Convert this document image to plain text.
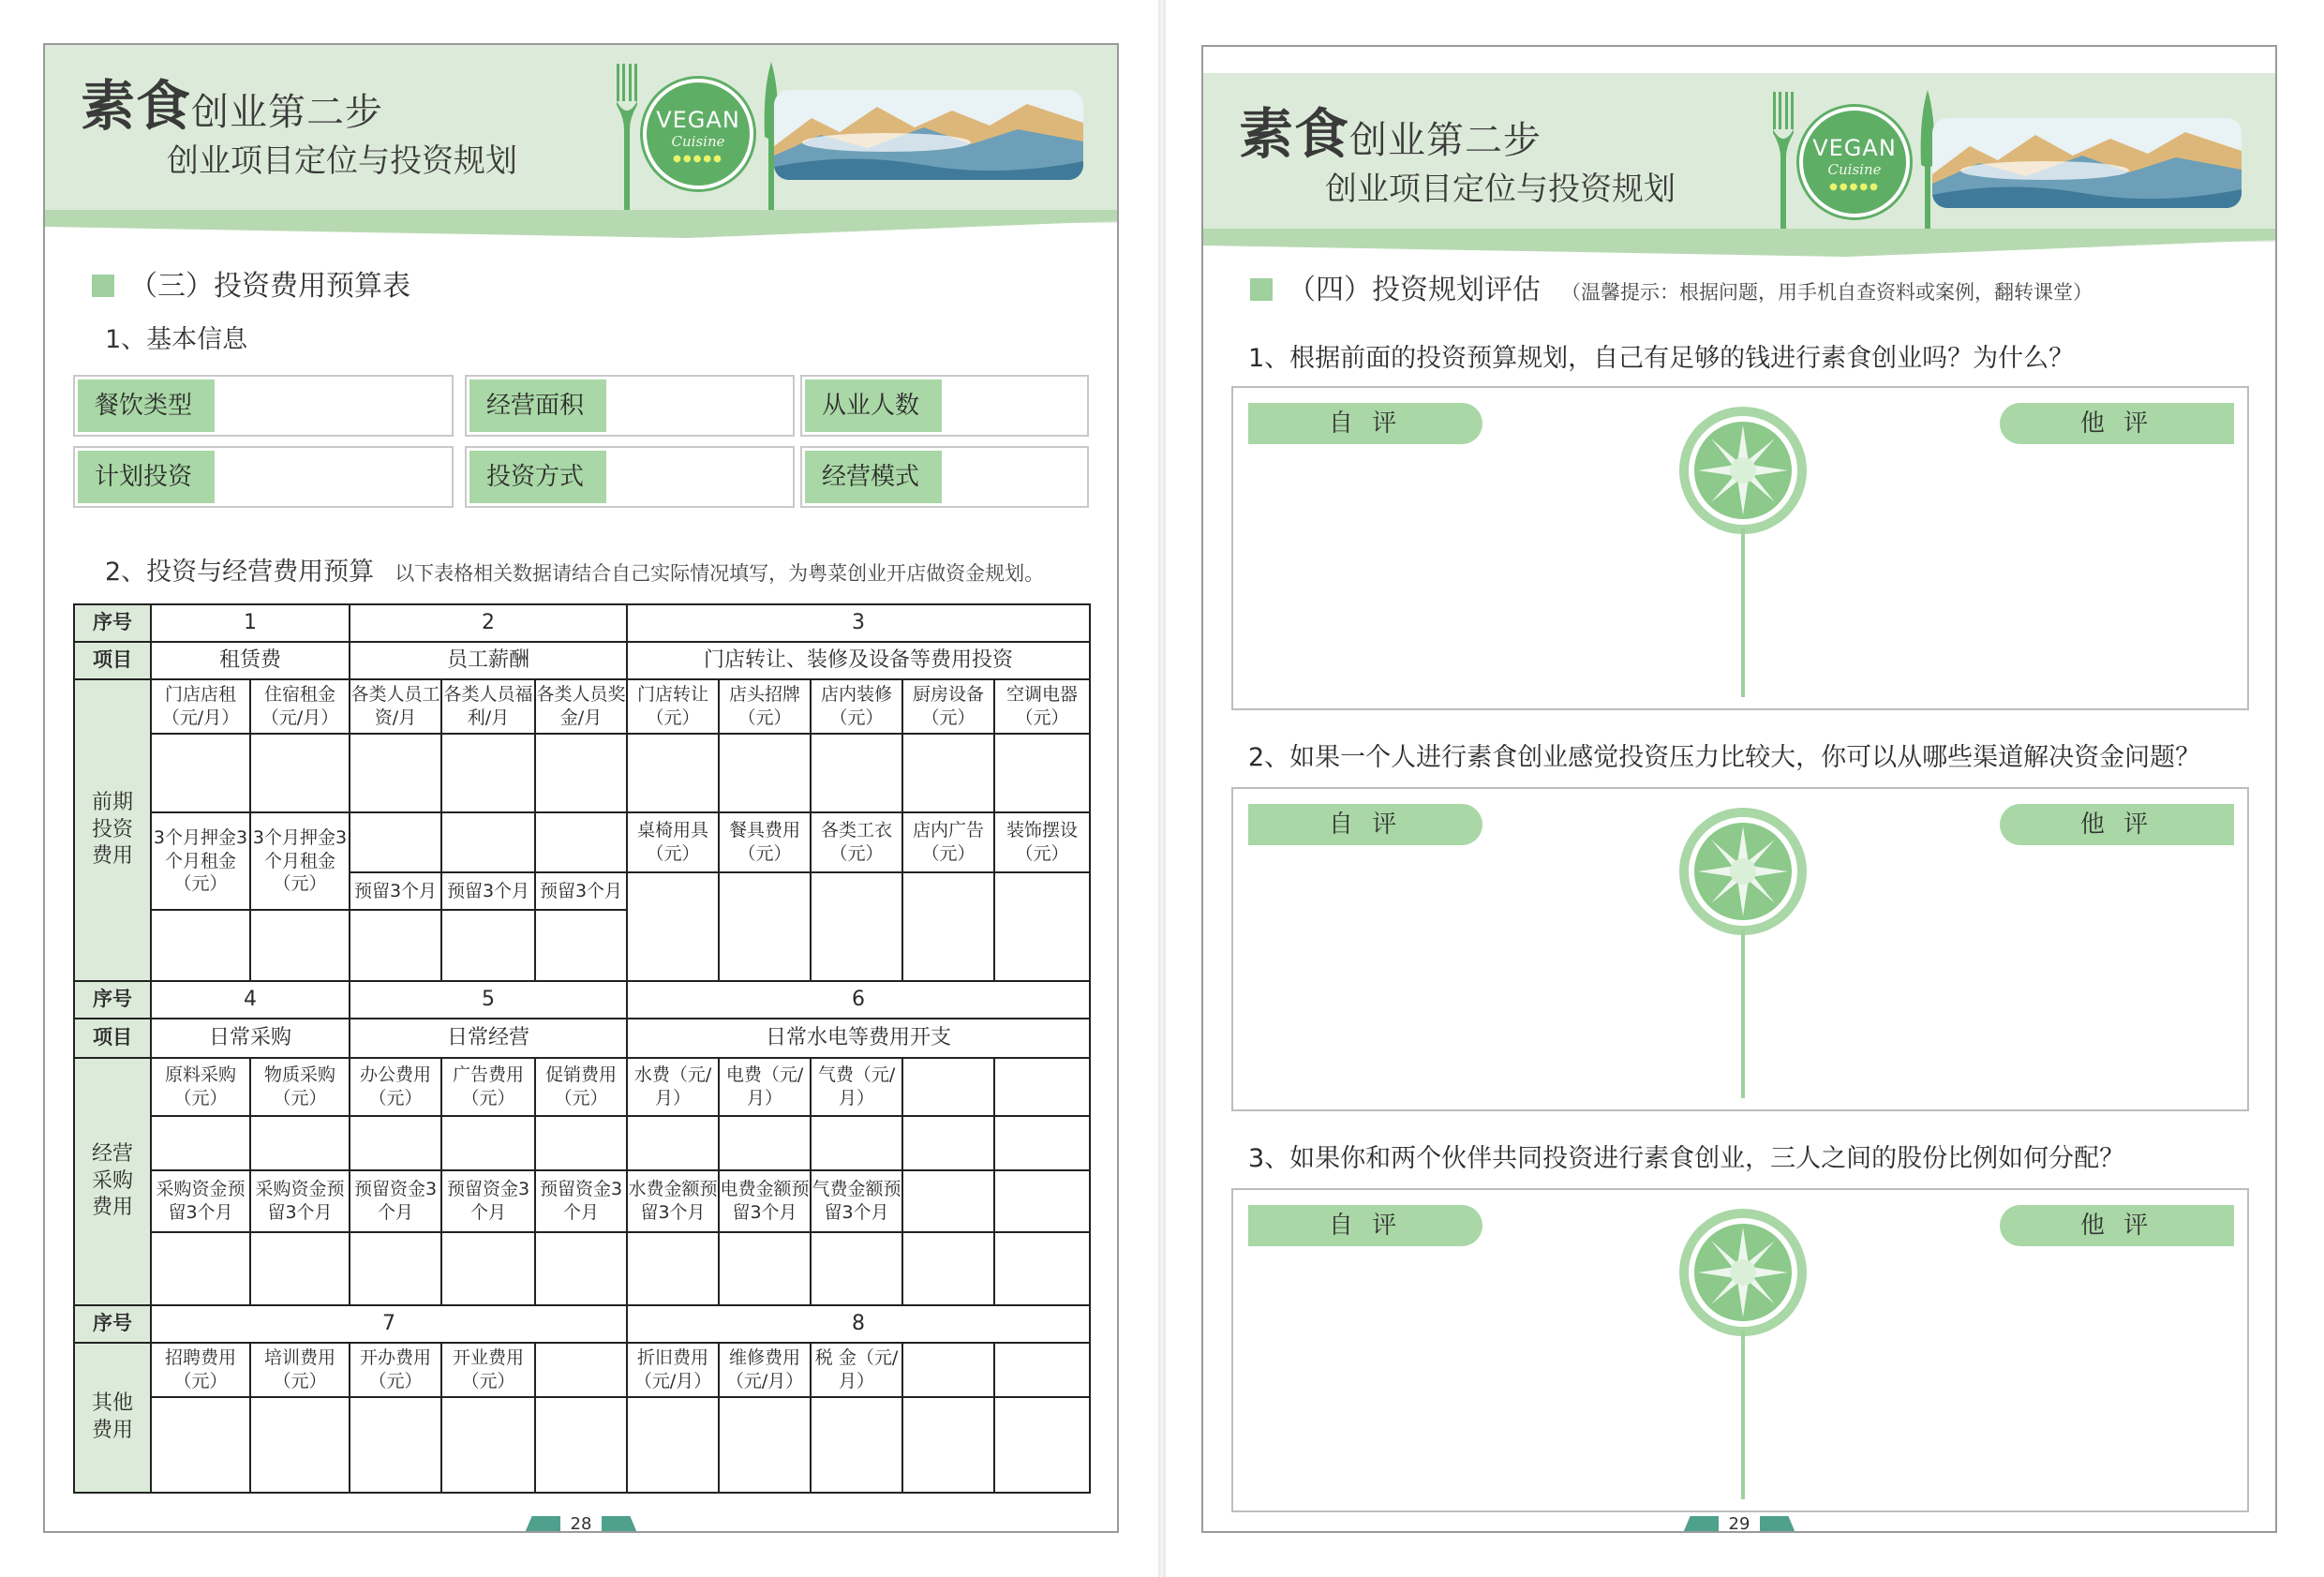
素食创业第二步
创业项目定位与投资规划
VEGAN
Cuisine
●●●●●
（三）投资费用预算表
1、基本信息
餐饮类型	经营面积	从业人数
计划投资	投资方式	经营模式
2、投资与经营费用预算 以下表格相关数据请结合自己实际情况填写，为粤菜创业开店做资金规划。
序号	1		2			3				
项目	租赁费		员工薪酬			门店转让、装修及设备等费用投资				
前期投资费用	门店店租（元/月）	住宿租金（元/月）	各类人员工资/月	各类人员福利/月	各类人员奖金/月	门店转让（元）	店头招牌（元）	店内装修（元）	厨房设备（元）	空调电器（元）

	3个月押金3个月租金（元）	3个月押金3个月租金（元）				桌椅用具（元）	餐具费用（元）	各类工衣（元）	店内广告（元）	装饰摆设（元）
			预留3个月	预留3个月	预留3个月					

序号	4		5			6				
项目	日常采购		日常经营			日常水电等费用开支				
经营采购费用	原料采购（元）	物质采购（元）	办公费用（元）	广告费用（元）	促销费用（元）	水费（元/月）	电费（元/月）	气费（元/月）		

	采购资金预留3个月	采购资金预留3个月	预留资金3个月	预留资金3个月	预留资金3个月	水费金额预留3个月	电费金额预留3个月	气费金额预留3个月		

序号	7					8				
其他费用	招聘费用（元）	培训费用（元）	开办费用（元）	开业费用（元）		折旧费用（元/月）	维修费用（元/月）	税 金（元/月）		

28
素食创业第二步
创业项目定位与投资规划
VEGAN
Cuisine
●●●●●
（四）投资规划评估 （温馨提示：根据问题，用手机自查资料或案例，翻转课堂）
1、根据前面的投资预算规划，自己有足够的钱进行素食创业吗？为什么？
自 评	他 评
2、如果一个人进行素食创业感觉投资压力比较大，你可以从哪些渠道解决资金问题？
自 评	他 评
3、如果你和两个伙伴共同投资进行素食创业，三人之间的股份比例如何分配？
自 评	他 评
29
